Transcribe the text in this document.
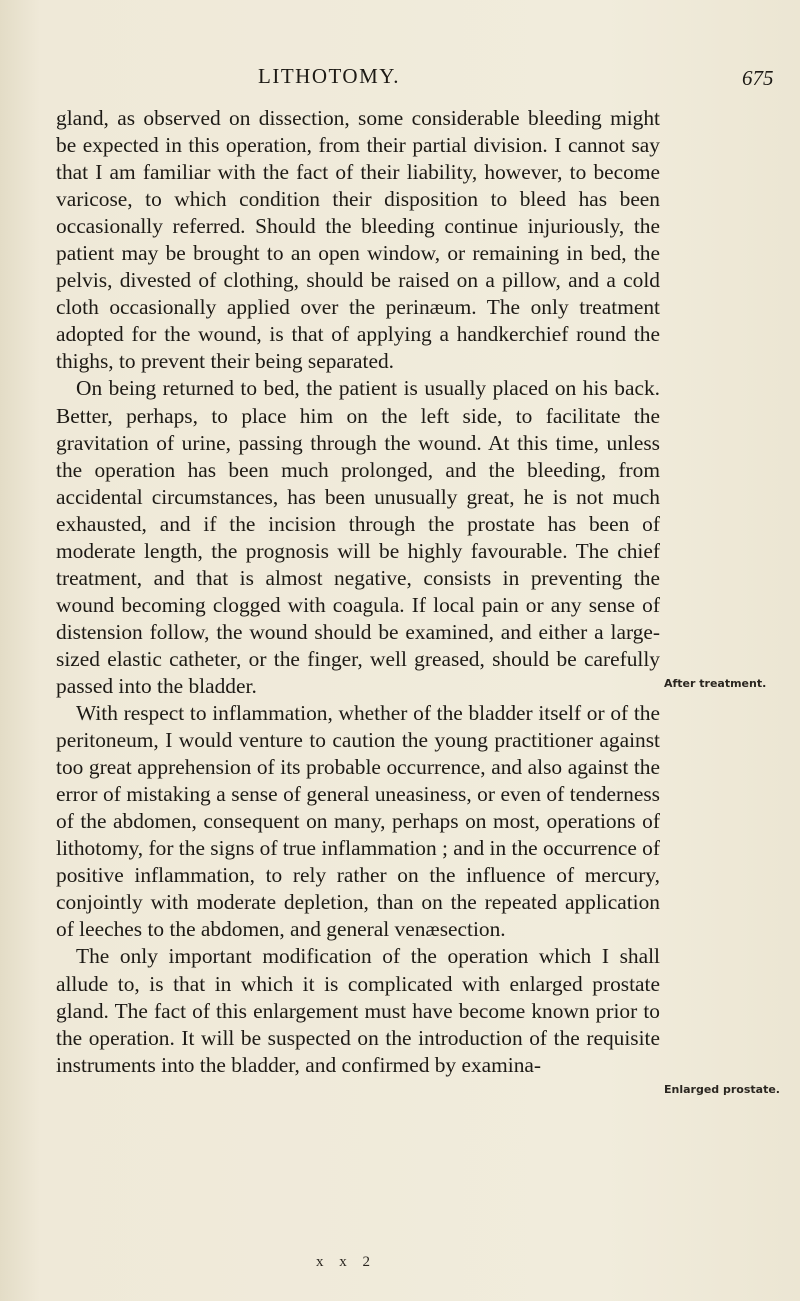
LITHOTOMY.	675

gland, as observed on dissection, some considerable bleeding might be expected in this operation, from their partial division. I cannot say that I am familiar with the fact of their liability, however, to become varicose, to which condition their disposition to bleed has been occasionally referred. Should the bleeding continue injuriously, the patient may be brought to an open window, or remaining in bed, the pelvis, divested of clothing, should be raised on a pillow, and a cold cloth occasionally applied over the perinæum. The only treatment adopted for the wound, is that of applying a handkerchief round the thighs, to prevent their being separated.

On being returned to bed, the patient is usually placed on his back. Better, perhaps, to place him on the left side, to facilitate the gravitation of urine, passing through the wound. At this time, unless the operation has been much prolonged, and the bleeding, from accidental circumstances, has been unusually great, he is not much exhausted, and if the incision through the prostate has been of moderate length, the prognosis will be highly favourable. The chief treatment, and that is almost negative, consists in preventing the wound becoming clogged with coagula. If local pain or any sense of distension follow, the wound should be examined, and either a large-sized elastic catheter, or the finger, well greased, should be carefully passed into the bladder.

With respect to inflammation, whether of the bladder itself or of the peritoneum, I would venture to caution the young practitioner against too great apprehension of its probable occurrence, and also against the error of mistaking a sense of general uneasiness, or even of tenderness of the abdomen, consequent on many, perhaps on most, operations of lithotomy, for the signs of true inflammation ; and in the occurrence of positive inflammation, to rely rather on the influence of mercury, conjointly with moderate depletion, than on the repeated application of leeches to the abdomen, and general venæsection.

The only important modification of the operation which I shall allude to, is that in which it is complicated with enlarged prostate gland. The fact of this enlargement must have become known prior to the operation. It will be suspected on the introduction of the requisite instruments into the bladder, and confirmed by examina-

After treatment.
Enlarged prostate.
x x 2
